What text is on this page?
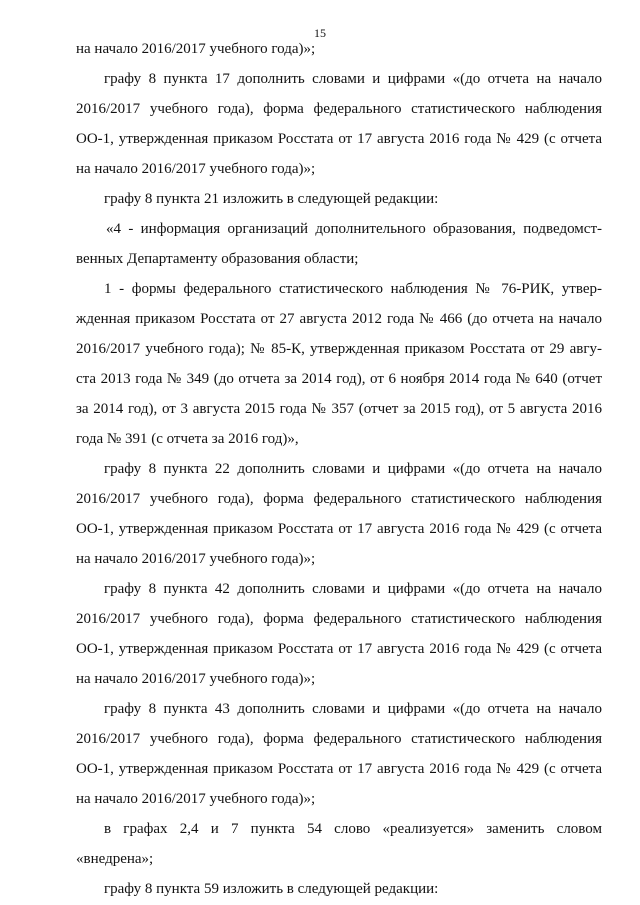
15
на начало 2016/2017 учебного года)»;
графу 8 пункта 17 дополнить словами и цифрами «(до отчета на начало
2016/2017 учебного года), форма федерального статистического наблюдения
ОО-1, утвержденная приказом Росстата от 17 августа 2016 года № 429 (с отчета
на начало 2016/2017 учебного года)»;
графу 8 пункта 21 изложить в следующей редакции:
«4 - информация организаций дополнительного образования, подведомст-
венных Департаменту образования области;
1 - формы федерального статистического наблюдения № 76-РИК, утвер-
жденная приказом Росстата от 27 августа 2012 года № 466 (до отчета на начало
2016/2017 учебного года); № 85-К, утвержденная приказом Росстата от 29 авгу-
ста 2013 года № 349 (до отчета за 2014 год), от 6 ноября 2014 года № 640 (отчет
за 2014 год), от 3 августа 2015 года № 357 (отчет за 2015 год), от 5 августа 2016
года № 391 (с отчета за 2016 год)»,
графу 8 пункта 22 дополнить словами и цифрами «(до отчета на начало
2016/2017 учебного года), форма федерального статистического наблюдения
ОО-1, утвержденная приказом Росстата от 17 августа 2016 года № 429 (с отчета
на начало 2016/2017 учебного года)»;
графу 8 пункта 42 дополнить словами и цифрами «(до отчета на начало
2016/2017 учебного года), форма федерального статистического наблюдения
ОО-1, утвержденная приказом Росстата от 17 августа 2016 года № 429 (с отчета
на начало 2016/2017 учебного года)»;
графу 8 пункта 43 дополнить словами и цифрами «(до отчета на начало
2016/2017 учебного года), форма федерального статистического наблюдения
ОО-1, утвержденная приказом Росстата от 17 августа 2016 года № 429 (с отчета
на начало 2016/2017 учебного года)»;
в графах 2,4 и 7 пункта 54 слово «реализуется» заменить словом
«внедрена»;
графу 8 пункта 59 изложить в следующей редакции:
